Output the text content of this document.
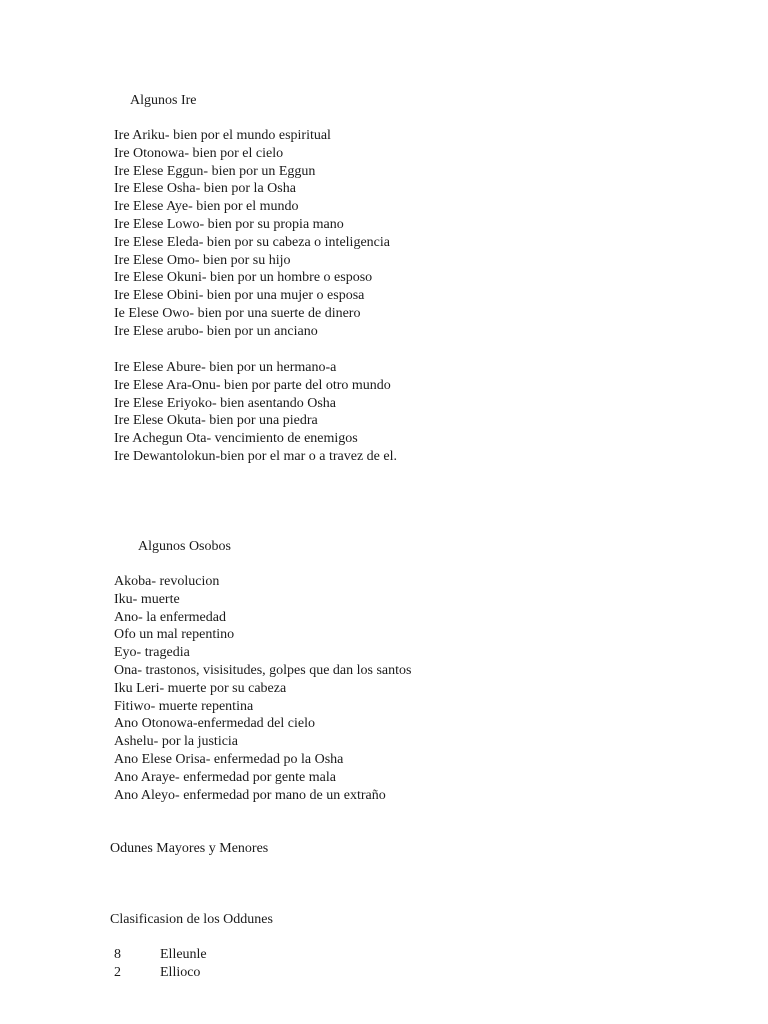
Algunos Ire
Ire Ariku- bien por el mundo espiritual
Ire Otonowa- bien por el cielo
Ire Elese Eggun- bien por un Eggun
Ire Elese Osha- bien por la Osha
Ire Elese Aye- bien por el mundo
Ire Elese Lowo- bien por su propia mano
Ire Elese Eleda- bien por su cabeza o inteligencia
Ire Elese Omo- bien por su hijo
Ire Elese Okuni- bien por un hombre o esposo
Ire Elese Obini- bien por una mujer o esposa
Ie Elese Owo- bien por una suerte de dinero
Ire Elese arubo- bien por un anciano
Ire Elese Abure- bien por un hermano-a
Ire Elese Ara-Onu- bien por parte del otro mundo
Ire Elese Eriyoko- bien asentando Osha
Ire Elese Okuta- bien por una piedra
Ire Achegun Ota- vencimiento de enemigos
Ire Dewantolokun-bien por el mar o a travez de el.
Algunos Osobos
Akoba- revolucion
Iku- muerte
Ano- la enfermedad
Ofo un mal repentino
Eyo- tragedia
Ona- trastonos, visisitudes, golpes que dan los santos
Iku Leri- muerte por su cabeza
Fitiwo- muerte repentina
Ano Otonowa-enfermedad del cielo
Ashelu- por la justicia
Ano Elese Orisa- enfermedad po la Osha
Ano Araye- enfermedad por gente mala
Ano Aleyo- enfermedad por mano de un extraño
Odunes Mayores y Menores
Clasificasion de los Oddunes
8	Elleunle
2	Ellioco
